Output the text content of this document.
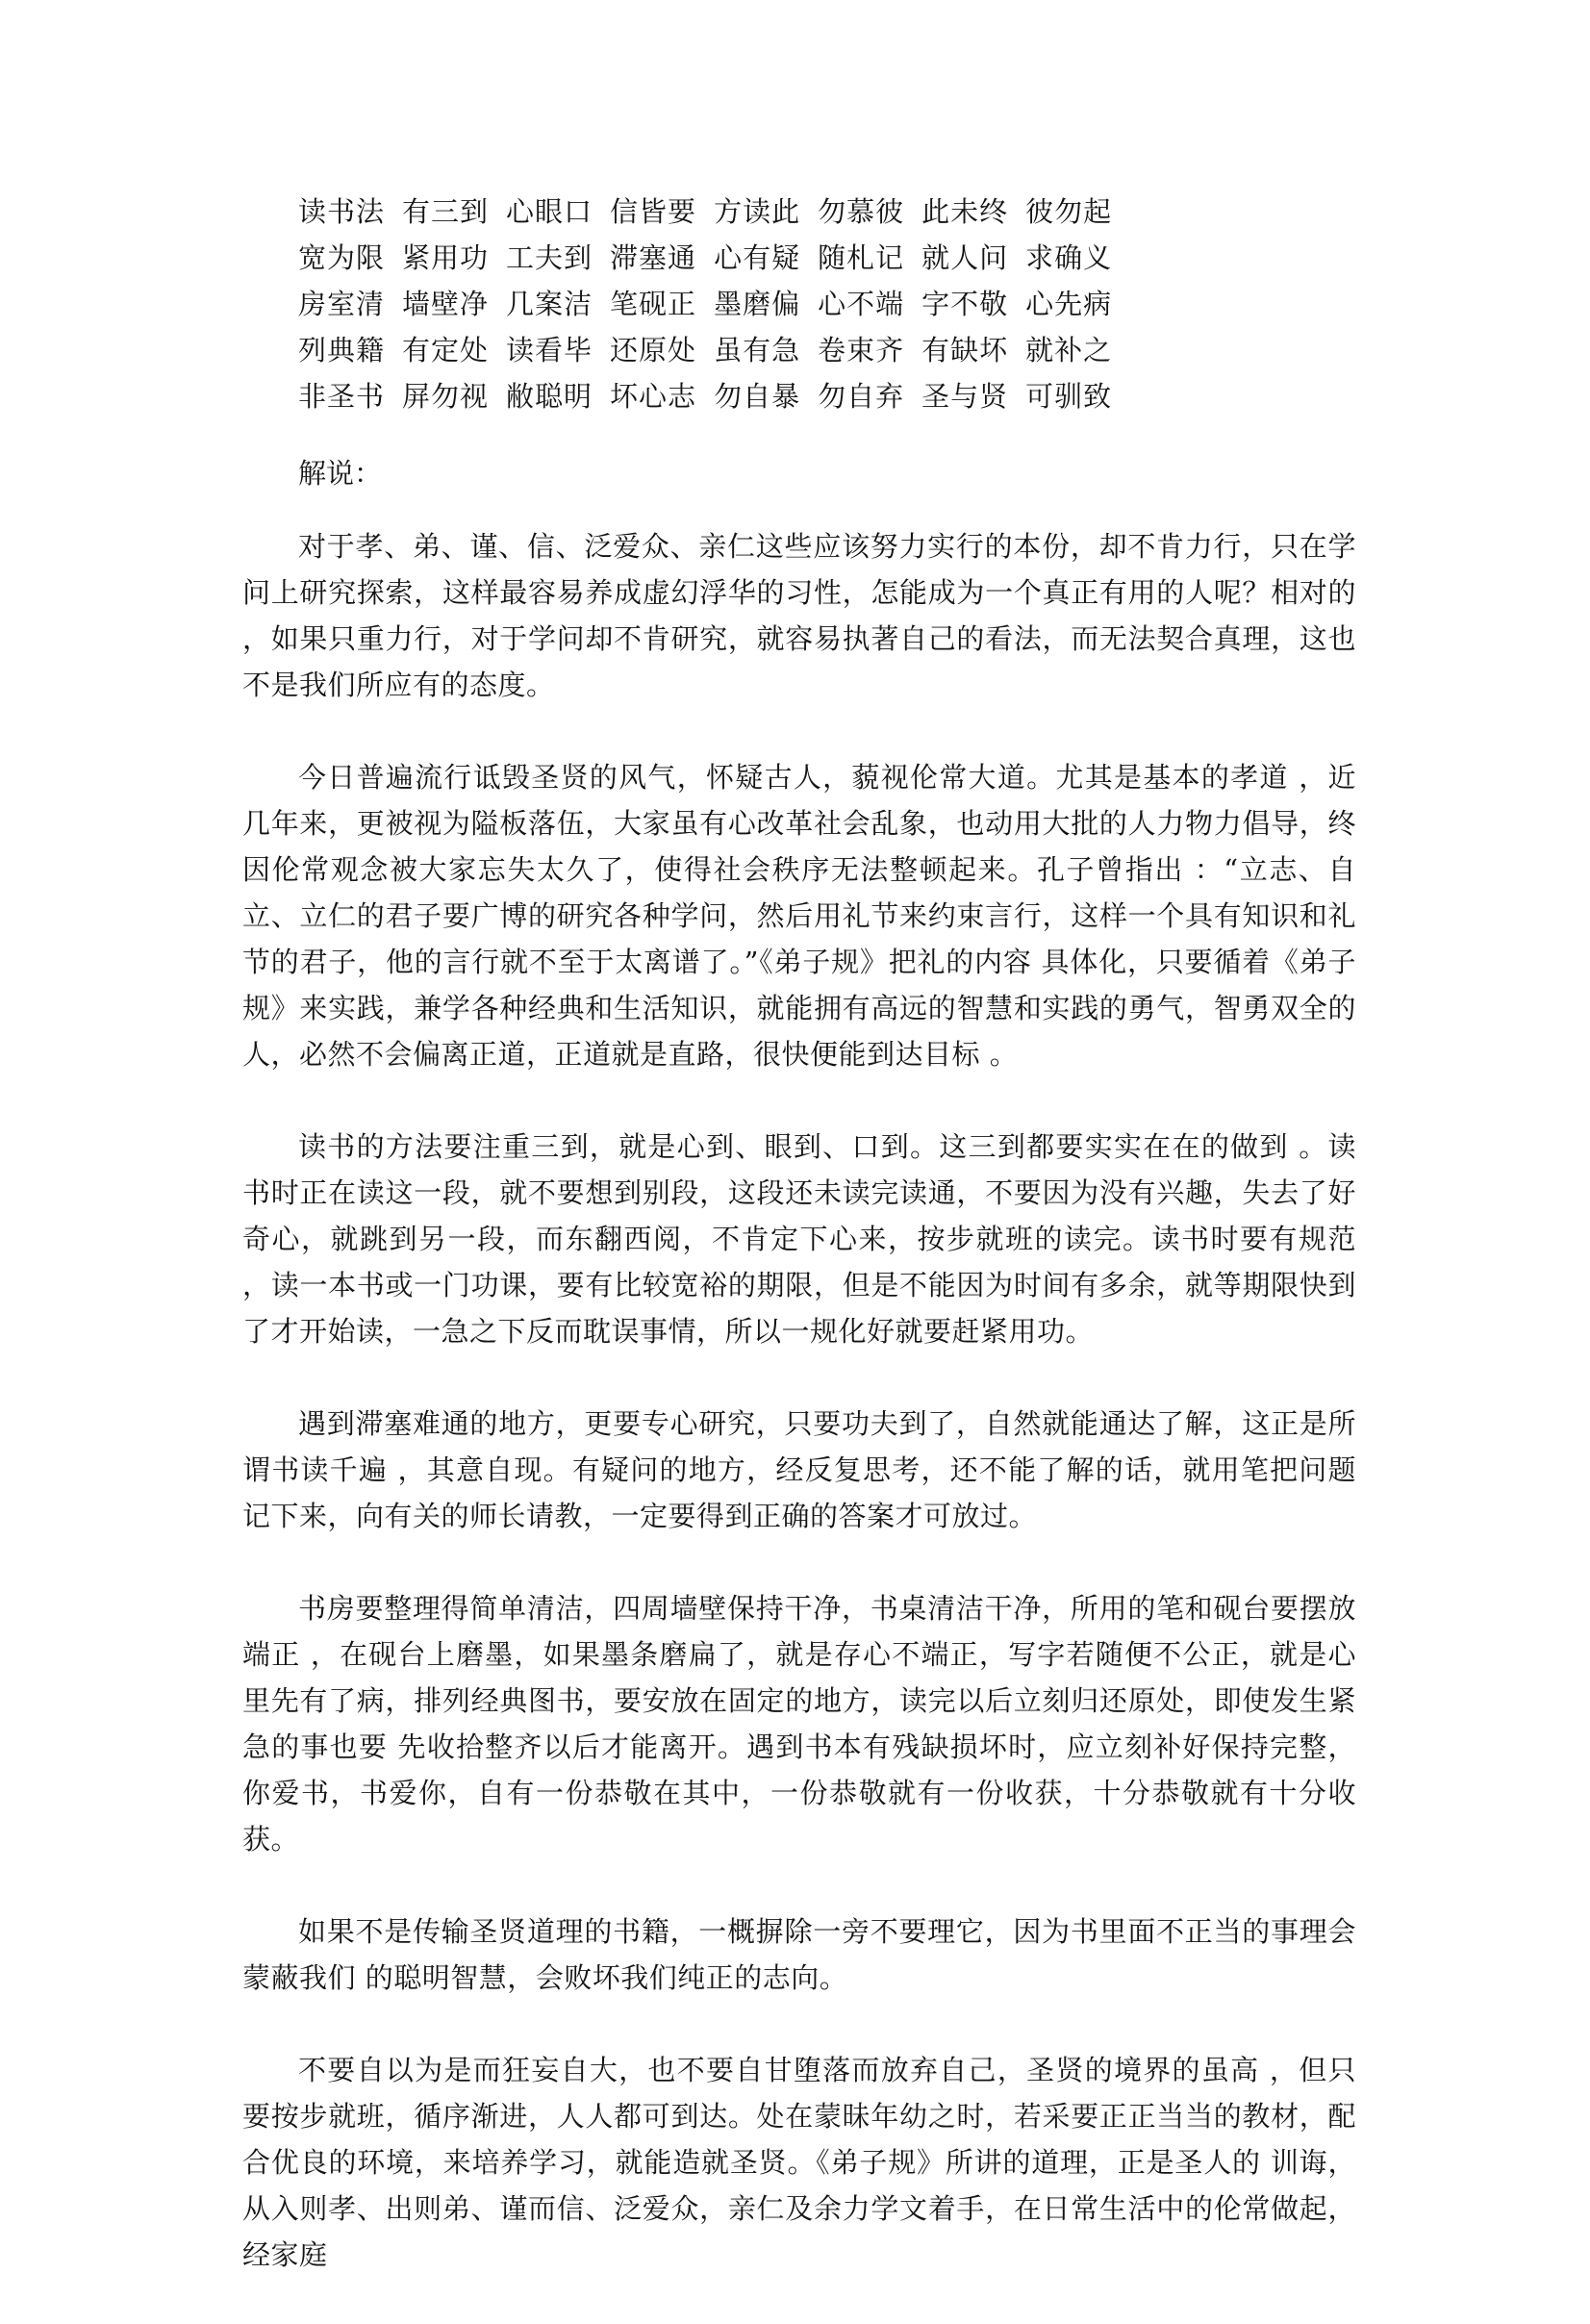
读书法 有三到 心眼口 信皆要 方读此 勿慕彼 此未终 彼勿起
宽为限 紧用功 工夫到 滞塞通 心有疑 随札记 就人问 求确义
房室清 墙壁净 几案洁 笔砚正 墨磨偏 心不端 字不敬 心先病
列典籍 有定处 读看毕 还原处 虽有急 卷束齐 有缺坏 就补之
非圣书 屏勿视 敝聪明 坏心志 勿自暴 勿自弃 圣与贤 可驯致
解说：

对于孝、弟、谨、信、泛爱众、亲仁这些应该努力实行的本份，却不肯力行，只在学问上研究探索，这样最容易养成虚幻浮华的习性，怎能成为一个真正有用的人呢？相对的 ，如果只重力行，对于学问却不肯研究，就容易执著自己的看法，而无法契合真理，这也不是我们所应有的态度。

今日普遍流行诋毁圣贤的风气，怀疑古人，藐视伦常大道。尤其是基本的孝道 ，近几年来，更被视为隘板落伍，大家虽有心改革社会乱象，也动用大批的人力物力倡导，终因伦常观念被大家忘失太久了，使得社会秩序无法整顿起来。孔子曾指出 ：“立志、自立、立仁的君子要广博的研究各种学问，然后用礼节来约束言行，这样一个具有知识和礼节的君子，他的言行就不至于太离谱了。”《弟子规》把礼的内容 具体化，只要循着《弟子规》来实践，兼学各种经典和生活知识，就能拥有高远的智慧和实践的勇气，智勇双全的人，必然不会偏离正道，正道就是直路，很快便能到达目标 。

读书的方法要注重三到，就是心到、眼到、口到。这三到都要实实在在的做到 。读书时正在读这一段，就不要想到别段，这段还未读完读通，不要因为没有兴趣，失去了好奇心，就跳到另一段，而东翻西阅，不肯定下心来，按步就班的读完。读书时要有规范 ，读一本书或一门功课，要有比较宽裕的期限，但是不能因为时间有多余，就等期限快到了才开始读，一急之下反而耽误事情，所以一规化好就要赶紧用功。

遇到滞塞难通的地方，更要专心研究，只要功夫到了，自然就能通达了解，这正是所谓书读千遍 ，其意自现。有疑问的地方，经反复思考，还不能了解的话，就用笔把问题记下来，向有关的师长请教，一定要得到正确的答案才可放过。

书房要整理得简单清洁，四周墙壁保持干净，书桌清洁干净，所用的笔和砚台要摆放端正 ，在砚台上磨墨，如果墨条磨扁了，就是存心不端正，写字若随便不公正，就是心里先有了病，排列经典图书，要安放在固定的地方，读完以后立刻归还原处，即使发生紧急的事也要 先收拾整齐以后才能离开。遇到书本有残缺损坏时，应立刻补好保持完整，你爱书，书爱你，自有一份恭敬在其中，一份恭敬就有一份收获，十分恭敬就有十分收获。

如果不是传输圣贤道理的书籍，一概摒除一旁不要理它，因为书里面不正当的事理会蒙蔽我们 的聪明智慧，会败坏我们纯正的志向。

不要自以为是而狂妄自大，也不要自甘堕落而放弃自己，圣贤的境界的虽高 ，但只要按步就班，循序渐进，人人都可到达。处在蒙昧年幼之时，若采要正正当当的教材，配合优良的环境，来培养学习，就能造就圣贤。《弟子规》所讲的道理，正是圣人的 训诲，从入则孝、出则弟、谨而信、泛爱众，亲仁及余力学文着手，在日常生活中的伦常做起，经家庭
